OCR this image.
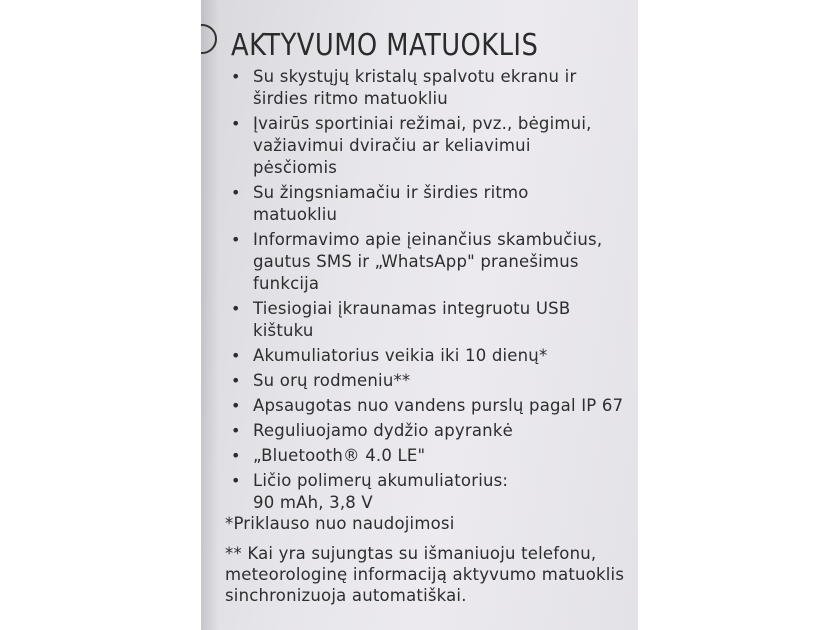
AKTYVUMO MATUOKLIS
• Su skystųjų kristalų spalvotu ekranu ir
širdies ritmo matuokliu
• Įvairūs sportiniai režimai, pvz., bėgimui,
važiavimui dviračiu ar keliavimui
pėsčiomis
• Su žingsniamačiu ir širdies ritmo
matuokliu
• Informavimo apie įeinančius skambučius,
gautus SMS ir „WhatsApp" pranešimus
funkcija
• Tiesiogiai įkraunamas integruotu USB
kištuku
• Akumuliatorius veikia iki 10 dienų*
• Su orų rodmeniu**
• Apsaugotas nuo vandens purslų pagal IP 67
• Reguliuojamo dydžio apyrankė
• „Bluetooth® 4.0 LE"
• Ličio polimerų akumuliatorius:
90 mAh, 3,8 V

*Priklauso nuo naudojimosi

** Kai yra sujungtas su išmaniuoju telefonu,
meteorologinę informaciją aktyvumo matuoklis
sinchronizuoja automatiškai.
